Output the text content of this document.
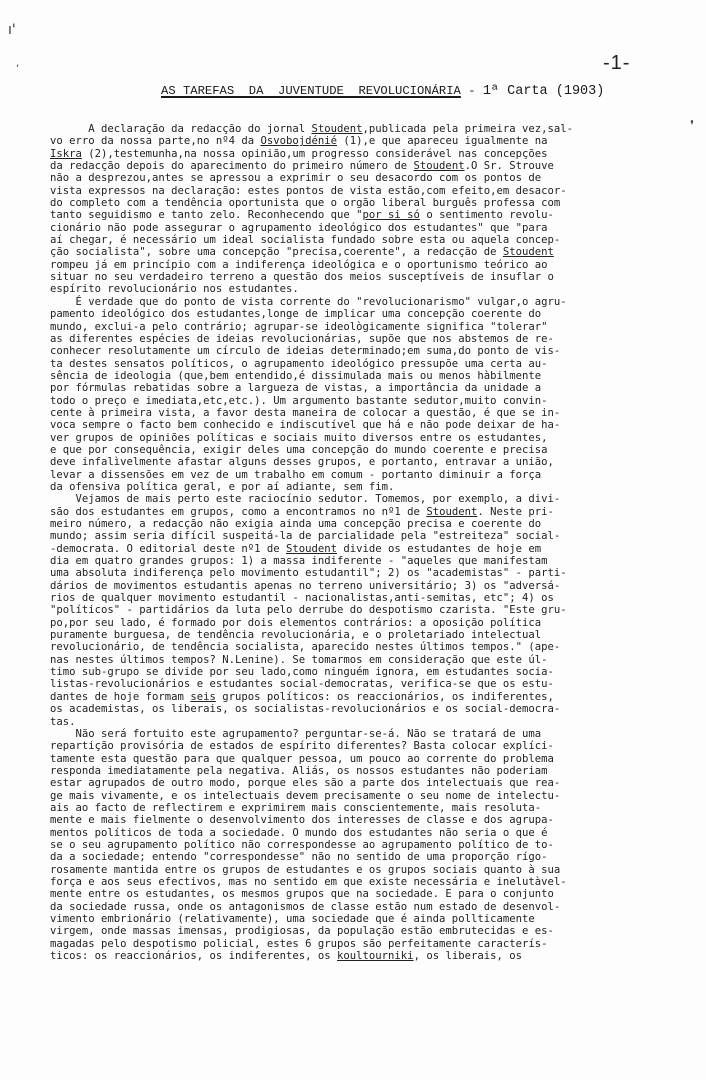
ı'
,
❜
-1-
AS TAREFAS  DA  JUVENTUDE  REVOLUCIONÁRIA - 1ª Carta (1903)
A declaração da redacção do jornal Stoudent,publicada pela primeira vez,sal-
vo erro da nossa parte,no nº4 da Osvobojdénié (1),e que apareceu igualmente na
Iskra (2),testemunha,na nossa opinião,um progresso considerável nas concepções
da redacção depois do aparecimento do primeiro número de Stoudent.O Sr. Strouve
não a desprezou,antes se apressou a exprimir o seu desacordo com os pontos de
vista expressos na declaração: estes pontos de vista estão,com efeito,em desacor-
do completo com a tendência oportunista que o orgão liberal burguês professa com
tanto seguidismo e tanto zelo. Reconhecendo que "por si só o sentimento revolu-
cionário não pode assegurar o agrupamento ideológico dos estudantes" que "para
aí chegar, é necessário um ideal socialista fundado sobre esta ou aquela concep-
ção socialista", sobre uma concepção "precisa,coerente", a redacção de Stoudent
rompeu já em princípio com a indiferença ideológica e o oportunismo teórico ao
situar no seu verdadeiro terreno a questão dos meios susceptíveis de insuflar o
espírito revolucionário nos estudantes.
É verdade que do ponto de vista corrente do "revolucionarismo" vulgar,o agru-
pamento ideológico dos estudantes,longe de implicar uma concepção coerente do
mundo, exclui-a pelo contrário; agrupar-se ideològicamente significa "tolerar"
as diferentes espécies de ideias revolucionárias, supõe que nos abstemos de re-
conhecer resolutamente um círculo de ideias determinado;em suma,do ponto de vis-
ta destes sensatos políticos, o agrupamento ideológico pressupõe uma certa au-
sência de ideologia (que,bem entendido,é dissimulada mais ou menos hàbilmente
por fórmulas rebatidas sobre a largueza de vistas, a importância da unidade a
todo o preço e imediata,etc,etc.). Um argumento bastante sedutor,muito convin-
cente à primeira vista, a favor desta maneira de colocar a questão, é que se in-
voca sempre o facto bem conhecido e indiscutível que há e não pode deixar de ha-
ver grupos de opiniões políticas e sociais muito diversos entre os estudantes,
e que por consequência, exigir deles uma concepção do mundo coerente e precisa
deve infalìvelmente afastar alguns desses grupos, e portanto, entravar a união,
levar a dissensões em vez de um trabalho em comum - portanto diminuir a força
da ofensiva política geral, e por aí adiante, sem fim.
Vejamos de mais perto este raciocínio sedutor. Tomemos, por exemplo, a divi-
são dos estudantes em grupos, como a encontramos no nº1 de Stoudent. Neste pri-
meiro número, a redacção não exigia ainda uma concepção precisa e coerente do
mundo; assim seria difícil suspeitá-la de parcialidade pela "estreiteza" social-
-democrata. O editorial deste nº1 de Stoudent divide os estudantes de hoje em
dia em quatro grandes grupos: 1) a massa indiferente - "aqueles que manifestam
uma absoluta indiferença pelo movimento estudantil"; 2) os "academistas" - parti-
dários de movimentos estudantis apenas no terreno universitário; 3) os "adversá-
rios de qualquer movimento estudantil - nacionalistas,anti-semitas, etc"; 4) os
"políticos" - partidários da luta pelo derrube do despotismo czarista. "Este gru-
po,por seu lado, é formado por dois elementos contrários: a oposição política
puramente burguesa, de tendência revolucionária, e o proletariado intelectual
revolucionário, de tendência socialista, aparecido nestes últimos tempos." (ape-
nas nestes últimos tempos? N.Lenine). Se tomarmos em consideração que este úl-
timo sub-grupo se divide por seu lado,como ninguém ignora, em estudantes socia-
listas-revolucionários e estudantes social-democratas, verifica-se que os estu-
dantes de hoje formam seis grupos políticos: os reaccionários, os indiferentes,
os academistas, os liberais, os socialistas-revolucionários e os social-democra-
tas.
Não será fortuito este agrupamento? perguntar-se-á. Não se tratará de uma
repartição provisória de estados de espírito diferentes? Basta colocar explíci-
tamente esta questão para que qualquer pessoa, um pouco ao corrente do problema
responda imediatamente pela negativa. Aliás, os nossos estudantes não poderiam
estar agrupados de outro modo, porque eles são a parte dos intelectuais que rea-
ge mais vivamente, e os intelectuais devem precisamente o seu nome de intelectu-
ais ao facto de reflectirem e exprimirem mais conscientemente, mais resoluta-
mente e mais fielmente o desenvolvimento dos interesses de classe e dos agrupa-
mentos políticos de toda a sociedade. O mundo dos estudantes não seria o que é
se o seu agrupamento político não correspondesse ao agrupamento político de to-
da a sociedade; entendo "correspondesse" não no sentido de uma proporção rígo-
rosamente mantida entre os grupos de estudantes e os grupos sociais quanto à sua
força e aos seus efectivos, mas no sentido em que existe necessária e inelutàvel-
mente entre os estudantes, os mesmos grupos que na sociedade. E para o conjunto
da sociedade russa, onde os antagonismos de classe estão num estado de desenvol-
vimento embrionário (relativamente), uma sociedade que é ainda pollticamente
virgem, onde massas imensas, prodigiosas, da população estão embrutecidas e es-
magadas pelo despotismo policial, estes 6 grupos são perfeitamente caracterís-
ticos: os reaccionários, os indiferentes, os koultourniki, os liberais, os
